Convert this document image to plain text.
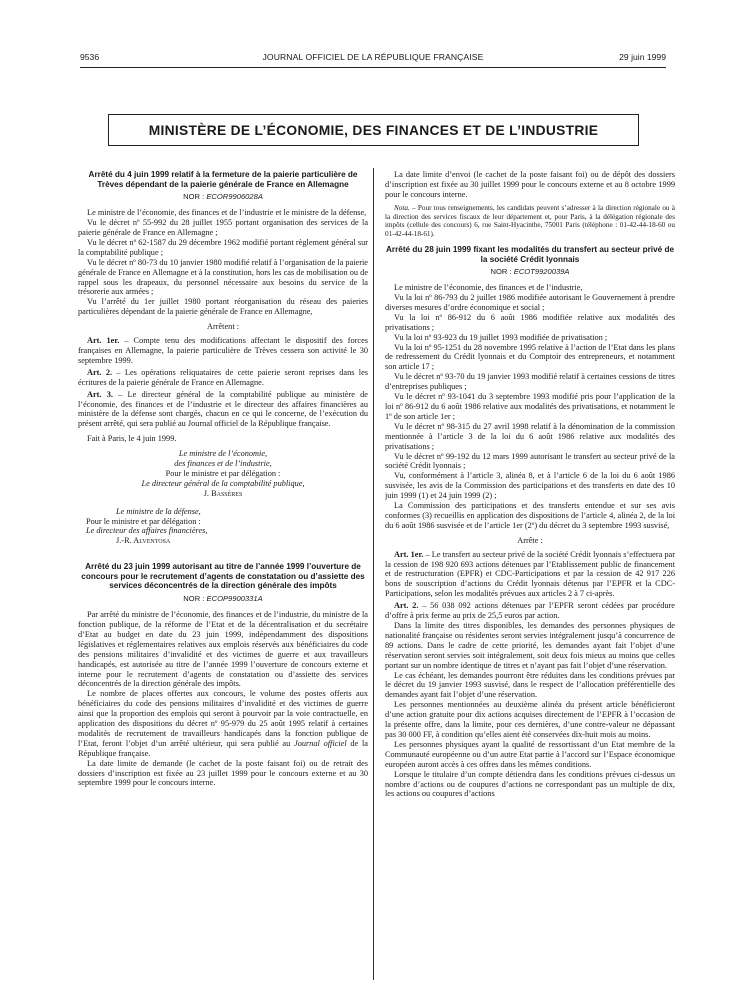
JOURNAL OFFICIEL DE LA RÉPUBLIQUE FRANÇAISE
9536	29 juin 1999
MINISTÈRE DE L’ÉCONOMIE, DES FINANCES ET DE L’INDUSTRIE
Arrêté du 4 juin 1999 relatif à la fermeture de la paierie particulière de Trèves dépendant de la paierie générale de France en Allemagne
NOR : ECOR9906028A

Le ministre de l’économie, des finances et de l’industrie et le ministre de la défense,

Vu le décret nº 55-992 du 28 juillet 1955 portant organisation des services de la paierie générale de France en Allemagne ;

Vu le décret nº 62-1587 du 29 décembre 1962 modifié portant règlement général sur la comptabilité publique ;

Vu le décret nº 80-73 du 10 janvier 1980 modifié relatif à l’organisation de la paierie générale de France en Allemagne et à la constitution, hors les cas de mobilisation ou de rappel sous les drapeaux, du personnel nécessaire aux besoins du service de la trésorerie aux armées ;

Vu l’arrêté du 1er juillet 1980 portant réorganisation du réseau des paieries particulières dépendant de la paierie générale de France en Allemagne,

Arrêtent :

Art. 1er. – Compte tenu des modifications affectant le dispositif des forces françaises en Allemagne, la paierie particulière de Trèves cessera son activité le 30 septembre 1999.

Art. 2. – Les opérations reliquataires de cette paierie seront reprises dans les écritures de la paierie générale de France en Allemagne.

Art. 3. – Le directeur général de la comptabilité publique au ministère de l’économie, des finances et de l’industrie et le directeur des affaires financières au ministère de la défense sont chargés, chacun en ce qui le concerne, de l’exécution du présent arrêté, qui sera publié au Journal officiel de la République française.

Fait à Paris, le 4 juin 1999.

Le ministre de l’économie,

des finances et de l’industrie,

Pour le ministre et par délégation :

Le directeur général de la comptabilité publique,

J. Bassères

Le ministre de la défense,

Pour le ministre et par délégation :

Le directeur des affaires financières,

J.-R. Alventosa

Arrêté du 23 juin 1999 autorisant au titre de l’année 1999 l’ouverture de concours pour le recrutement d’agents de constatation ou d’assiette des services déconcentrés de la direction générale des impôts
NOR : ECOP9900331A

Par arrêté du ministre de l’économie, des finances et de l’industrie, du ministre de la fonction publique, de la réforme de l’Etat et de la décentralisation et du secrétaire d’Etat au budget en date du 23 juin 1999, indépendamment des dispositions législatives et réglementaires relatives aux emplois réservés aux bénéficiaires du code des pensions militaires d’invalidité et des victimes de guerre et aux travailleurs handicapés, est autorisée au titre de l’année 1999 l’ouverture de concours externe et interne pour le recrutement d’agents de constatation ou d’assiette des services déconcentrés de la direction générale des impôts.

Le nombre de places offertes aux concours, le volume des postes offerts aux bénéficiaires du code des pensions militaires d’invalidité et des victimes de guerre ainsi que la proportion des emplois qui seront à pourvoir par la voie contractuelle, en application des dispositions du décret nº 95-979 du 25 août 1995 relatif à certaines modalités de recrutement de travailleurs handicapés dans la fonction publique de l’Etat, feront l’objet d’un arrêté ultérieur, qui sera publié au Journal officiel de la République française.

La date limite de demande (le cachet de la poste faisant foi) ou de retrait des dossiers d’inscription est fixée au 23 juillet 1999 pour le concours externe et au 30 septembre 1999 pour le concours interne.

La date limite d’envoi (le cachet de la poste faisant foi) ou de dépôt des dossiers d’inscription est fixée au 30 juillet 1999 pour le concours externe et au 8 octobre 1999 pour le concours interne.

Nota. – Pour tous renseignements, les candidats peuvent s’adresser à la direction régionale ou à la direction des services fiscaux de leur département et, pour Paris, à la délégation régionale des impôts (cellule des concours) 6, rue Saint-Hyacinthe, 75001 Paris (téléphone : 01-42-44-18-60 ou 01-42-44-18-61).

Arrêté du 28 juin 1999 fixant les modalités du transfert au secteur privé de la société Crédit lyonnais
NOR : ECOT9920039A

Le ministre de l’économie, des finances et de l’industrie,

Vu la loi nº 86-793 du 2 juillet 1986 modifiée autorisant le Gouvernement à prendre diverses mesures d’ordre économique et social ;

Vu la loi nº 86-912 du 6 août 1986 modifiée relative aux modalités des privatisations ;

Vu la loi nº 93-923 du 19 juillet 1993 modifiée de privatisation ;

Vu la loi nº 95-1251 du 28 novembre 1995 relative à l’action de l’Etat dans les plans de redressement du Crédit lyonnais et du Comptoir des entrepreneurs, et notamment son article 17 ;

Vu le décret nº 93-70 du 19 janvier 1993 modifié relatif à certaines cessions de titres d’entreprises publiques ;

Vu le décret nº 93-1041 du 3 septembre 1993 modifié pris pour l’application de la loi nº 86-912 du 6 août 1986 relative aux modalités des privatisations, et notamment le 1º de son article 1er ;

Vu le décret nº 98-315 du 27 avril 1998 relatif à la dénomination de la commission mentionnée à l’article 3 de la loi du 6 août 1986 relative aux modalités des privatisations ;

Vu le décret nº 99-192 du 12 mars 1999 autorisant le transfert au secteur privé de la société Crédit lyonnais ;

Vu, conformément à l’article 3, alinéa 8, et à l’article 6 de la loi du 6 août 1986 susvisée, les avis de la Commission des participations et des transferts en date des 10 juin 1999 (1) et 24 juin 1999 (2) ;

La Commission des participations et des transferts entendue et sur ses avis conformes (3) recueillis en application des dispositions de l’article 4, alinéa 2, de la loi du 6 août 1986 susvisée et de l’article 1er (2º) du décret du 3 septembre 1993 susvisé,

Arrête :

Art. 1er. – Le transfert au secteur privé de la société Crédit lyonnais s’effectuera par la cession de 198 920 693 actions détenues par l’Etablissement public de financement et de restructuration (EPFR) et CDC-Participations et par la cession de 42 917 226 bons de souscription d’actions du Crédit lyonnais détenus par l’EPFR et la CDC-Participations, selon les modalités prévues aux articles 2 à 7 ci-après.

Art. 2. – 56 038 092 actions détenues par l’EPFR seront cédées par procédure d’offre à prix ferme au prix de 25,5 euros par action.

Dans la limite des titres disponibles, les demandes des personnes physiques de nationalité française ou résidentes seront servies intégralement jusqu’à concurrence de 89 actions. Dans le cadre de cette priorité, les demandes ayant fait l’objet d’une réservation seront servies soit intégralement, soit deux fois mieux au moins que celles portant sur un nombre identique de titres et n’ayant pas fait l’objet d’une réservation.

Le cas échéant, les demandes pourront être réduites dans les conditions prévues par le décret du 19 janvier 1993 susvisé, dans le respect de l’allocation préférentielle des demandes ayant fait l’objet d’une réservation.

Les personnes mentionnées au deuxième alinéa du présent article bénéficieront d’une action gratuite pour dix actions acquises directement de l’EPFR à l’occasion de la présente offre, dans la limite, pour ces dernières, d’une contre-valeur ne dépassant pas 30 000 FF, à condition qu’elles aient été conservées dix-huit mois au moins.

Les personnes physiques ayant la qualité de ressortissant d’un Etat membre de la Communauté européenne ou d’un autre Etat partie à l’accord sur l’Espace économique européen auront accès à ces offres dans les mêmes conditions.

Lorsque le titulaire d’un compte détiendra dans les conditions prévues ci-dessus un nombre d’actions ou de coupures d’actions ne correspondant pas un multiple de dix, les actions ou coupures d’actions
